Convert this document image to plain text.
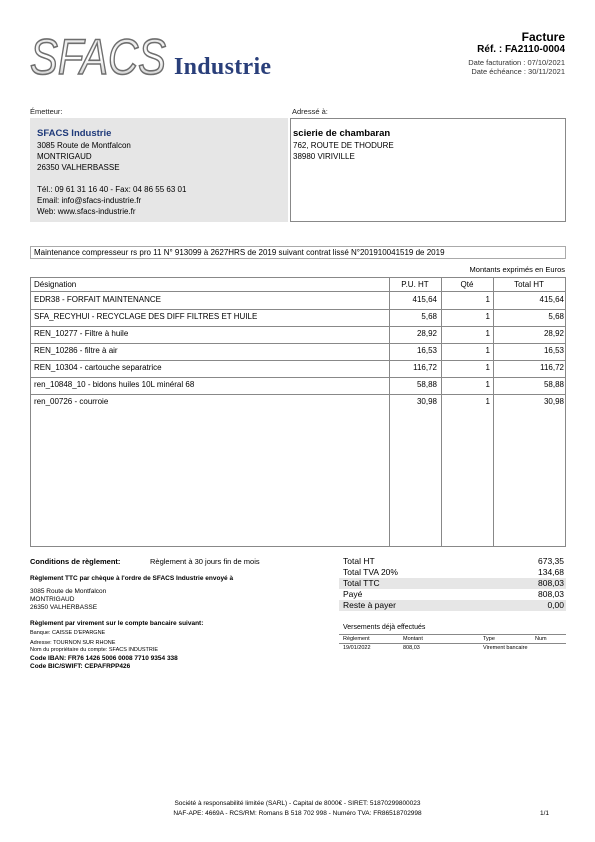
SFACS Industrie
Facture
Réf. : FA2110-0004
Date facturation : 07/10/2021
Date échéance : 30/11/2021
Émetteur:	Adressé à:
SFACS Industrie
3085 Route de Montfalcon
MONTRIGAUD
26350 VALHERBASSE
Tél.: 09 61 31 16 40 - Fax: 04 86 55 63 01
Email: info@sfacs-industrie.fr
Web: www.sfacs-industrie.fr
scierie de chambaran
762, ROUTE DE THODURE
38980 VIRIVILLE
Maintenance compresseur rs pro 11 N° 913099 à 2627HRS de 2019 suivant contrat lissé N°201910041519 de 2019
Montants exprimés en Euros
Désignation	P.U. HT	Qté	Total HT
EDR38 - FORFAIT MAINTENANCE	415,64	1	415,64
SFA_RECYHUI - RECYCLAGE DES DIFF FILTRES ET HUILE	5,68	1	5,68
REN_10277 - Filtre à huile	28,92	1	28,92
REN_10286 - filtre à air	16,53	1	16,53
REN_10304 - cartouche separatrice	116,72	1	116,72
ren_10848_10 - bidons huiles 10L minéral 68	58,88	1	58,88
ren_00726 - courroie	30,98	1	30,98
Conditions de règlement:	Règlement à 30 jours fin de mois
Règlement TTC par chèque à l'ordre de SFACS Industrie envoyé à
3085 Route de Montfalcon
MONTRIGAUD
26350 VALHERBASSE
Règlement par virement sur le compte bancaire suivant:
Banque: CAISSE D'EPARGNE
Adresse: TOURNON SUR RHONE
Nom du propriétaire du compte: SFACS INDUSTRIE
Code IBAN: FR76 1426 5006 0008 7710 9354 338
Code BIC/SWIFT: CEPAFRPP426
Total HT	673,35
Total TVA 20%	134,68
Total TTC	808,03
Payé	808,03
Reste à payer	0,00
Versements déjà effectués
Règlement	Montant	Type	Num
19/01/2022	808,03	Virement bancaire
Société à responsabilité limitée (SARL) - Capital de 8000€ - SIRET: 51870299800023
NAF-APE: 4669A - RCS/RM: Romans B 518 702 998 - Numéro TVA: FR86518702998	1/1
